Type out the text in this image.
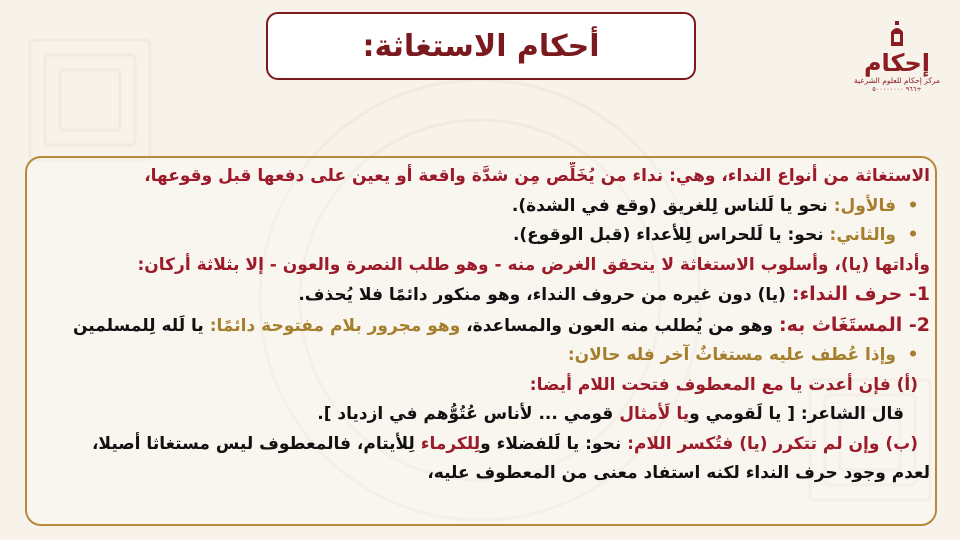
أحكام الاستغاثة:	إحكام
مركز إحكام للعلوم الشرعية
+٩٦٦ ٥٠٠٠٠٠٠٠٠
الاستغاثة من أنواع النداء، وهي: نداء من يُخَلِّص مِن شدَّة واقعة أو يعين على دفعها قبل وقوعها،
•فالأول: نحو يا لَلناس لِلغريق (وقع في الشدة).
•والثاني: نحو: يا لَلحراس لِلأعداء (قبل الوقوع).
وأداتها (يا)، وأسلوب الاستغاثة لا يتحقق الغرض منه - وهو طلب النصرة والعون - إلا بثلاثة أركان:
1- حرف النداء: (يا) دون غيره من حروف النداء، وهو منكور دائمًا فلا يُحذف.
2- المستَغَاث به: وهو من يُطلب منه العون والمساعدة، وهو مجرور بلام مفتوحة دائمًا: يا لَله لِلمسلمين
•وإذا عُطف عليه مستغاثٌ آخر فله حالان:
(أ) فإن أعدت يا مع المعطوف فتحت اللام أيضا:
قال الشاعر: [ يا لَقومي ويا لَأمثال قومي ... لأناس عُتُوُّهم في ازدياد ].
(ب) وإن لم تتكرر (يا) فتُكسر اللام: نحو: يا لَلفضلاء ولِلكرماء لِلأيتام، فالمعطوف ليس مستغاثا أصيلا،
لعدم وجود حرف النداء لكنه استفاد معنى من المعطوف عليه،
